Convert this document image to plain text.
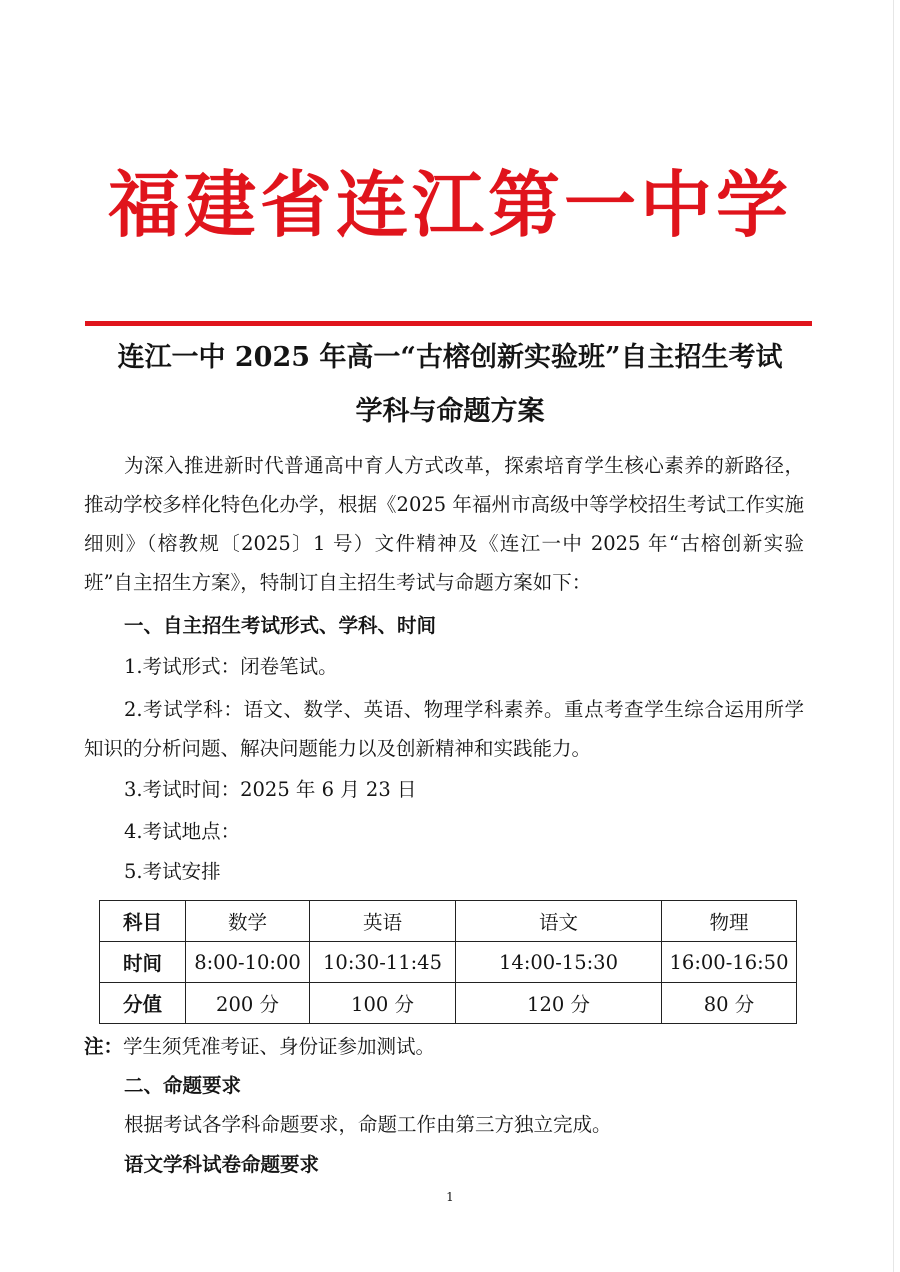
福建省连江第一中学
连江一中 2025 年高一“古榕创新实验班”自主招生考试
学科与命题方案
为深入推进新时代普通高中育人方式改革，探索培育学生核心素养的新路径，推动学校多样化特色化办学，根据《2025 年福州市高级中等学校招生考试工作实施细则》（榕教规〔2025〕1 号）文件精神及《连江一中 2025 年“古榕创新实验班”自主招生方案》，特制订自主招生考试与命题方案如下：
一、自主招生考试形式、学科、时间
1.考试形式：闭卷笔试。
2.考试学科：语文、数学、英语、物理学科素养。重点考查学生综合运用所学知识的分析问题、解决问题能力以及创新精神和实践能力。
3.考试时间：2025 年 6 月 23 日
4.考试地点：
5.考试安排
科目	数学	英语	语文	物理
时间	8:00-10:00	10:30-11:45	14:00-15:30	16:00-16:50
分值	200 分	100 分	120 分	80 分
注：学生须凭准考证、身份证参加测试。
二、命题要求
根据考试各学科命题要求，命题工作由第三方独立完成。
语文学科试卷命题要求
1
